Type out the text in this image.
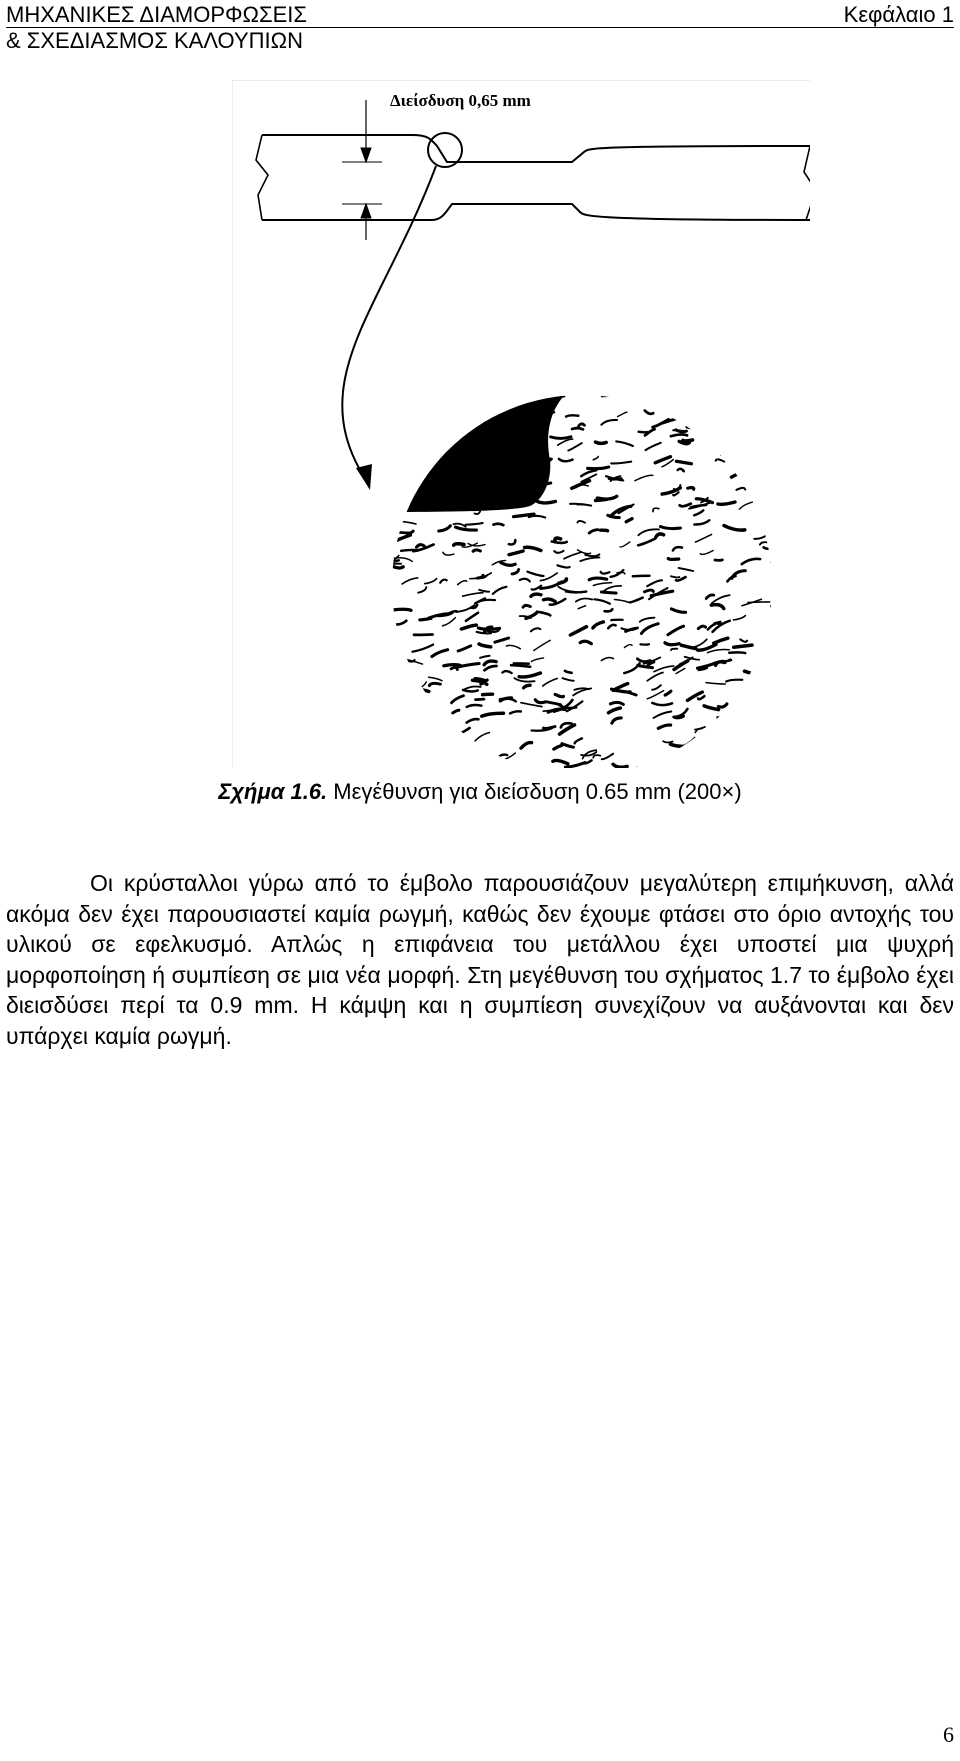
ΜΗΧΑΝΙΚΕΣ ΔΙΑΜΟΡΦΩΣΕΙΣ
& ΣΧΕΔΙΑΣΜΟΣ ΚΑΛΟΥΠΙΩΝ
Κεφάλαιο 1
Διείσδυση 0,65 mm
Σχήμα 1.6. Μεγέθυνση για διείσδυση 0.65 mm (200×)

Οι κρύσταλλοι γύρω από το έμβολο παρουσιάζουν μεγαλύτερη επιμήκυνση, αλλά ακόμα δεν έχει παρουσιαστεί καμία ρωγμή, καθώς δεν έχουμε φτάσει στο όριο αντοχής του υλικού σε εφελκυσμό. Απλώς η επιφάνεια του μετάλλου έχει υποστεί μια ψυχρή μορφοποίηση ή συμπίεση σε μια νέα μορφή. Στη μεγέθυνση του σχήματος 1.7 το έμβολο έχει διεισδύσει περί τα 0.9 mm. Η κάμψη και η συμπίεση συνεχίζουν να αυξάνονται και δεν υπάρχει καμία ρωγμή.

6
